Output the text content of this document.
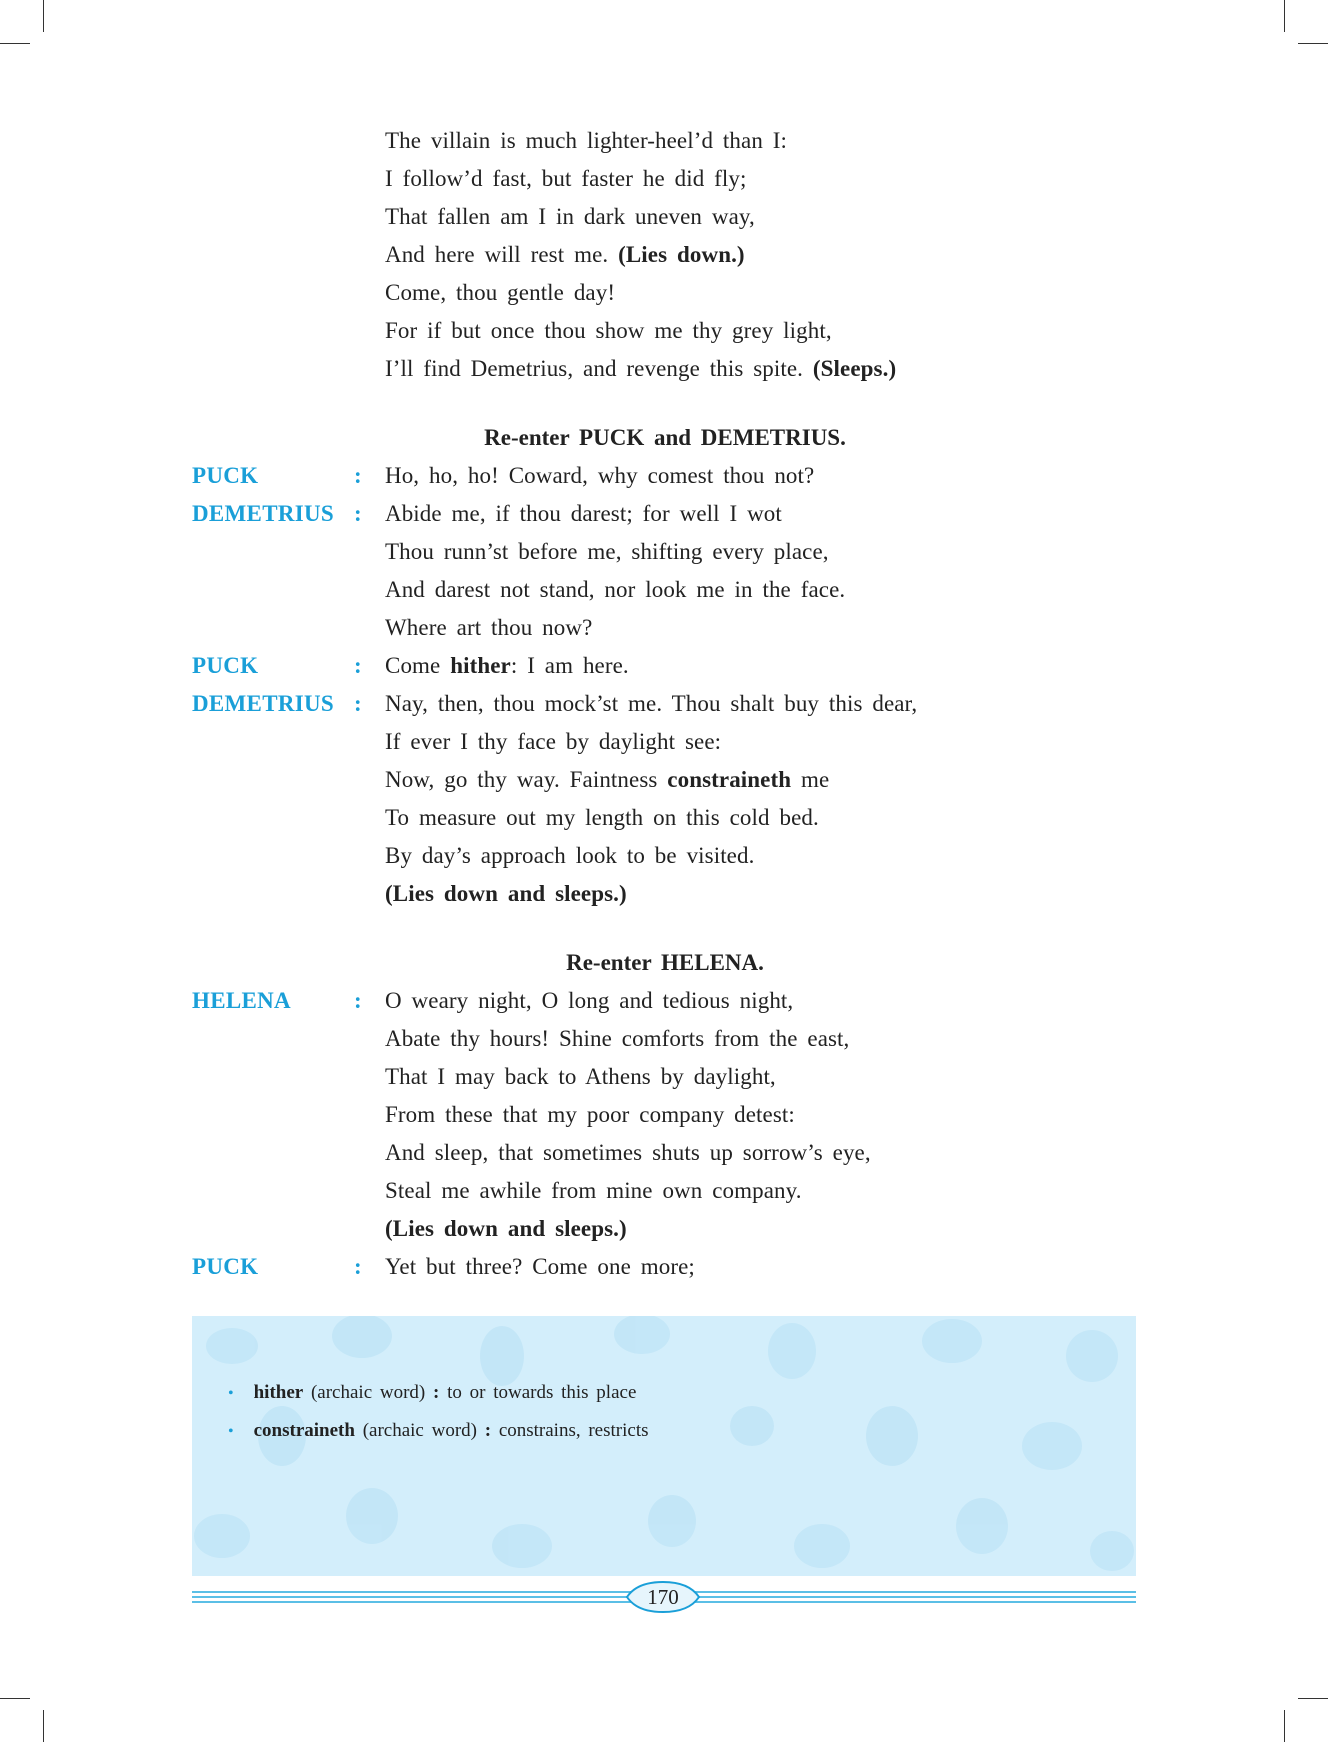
The villain is much lighter-heel’d than I:
I follow’d fast, but faster he did fly;
That fallen am I in dark uneven way,
And here will rest me. (Lies down.)
Come, thou gentle day!
For if but once thou show me thy grey light,
I’ll find Demetrius, and revenge this spite. (Sleeps.)
Re-enter PUCK and DEMETRIUS.
PUCK	: Ho, ho, ho! Coward, why comest thou not?
DEMETRIUS : Abide me, if thou darest; for well I wot
Thou runn’st before me, shifting every place,
And darest not stand, nor look me in the face.
Where art thou now?
PUCK	: Come hither: I am here.
DEMETRIUS : Nay, then, thou mock’st me. Thou shalt buy this dear,
If ever I thy face by daylight see:
Now, go thy way. Faintness constraineth me
To measure out my length on this cold bed.
By day’s approach look to be visited.
(Lies down and sleeps.)
Re-enter HELENA.
HELENA	: O weary night, O long and tedious night,
Abate thy hours! Shine comforts from the east,
That I may back to Athens by daylight,
From these that my poor company detest:
And sleep, that sometimes shuts up sorrow’s eye,
Steal me awhile from mine own company.
(Lies down and sleeps.)
PUCK	: Yet but three? Come one more;
• hither (archaic word) : to or towards this place
• constraineth (archaic word) : constrains, restricts
170
